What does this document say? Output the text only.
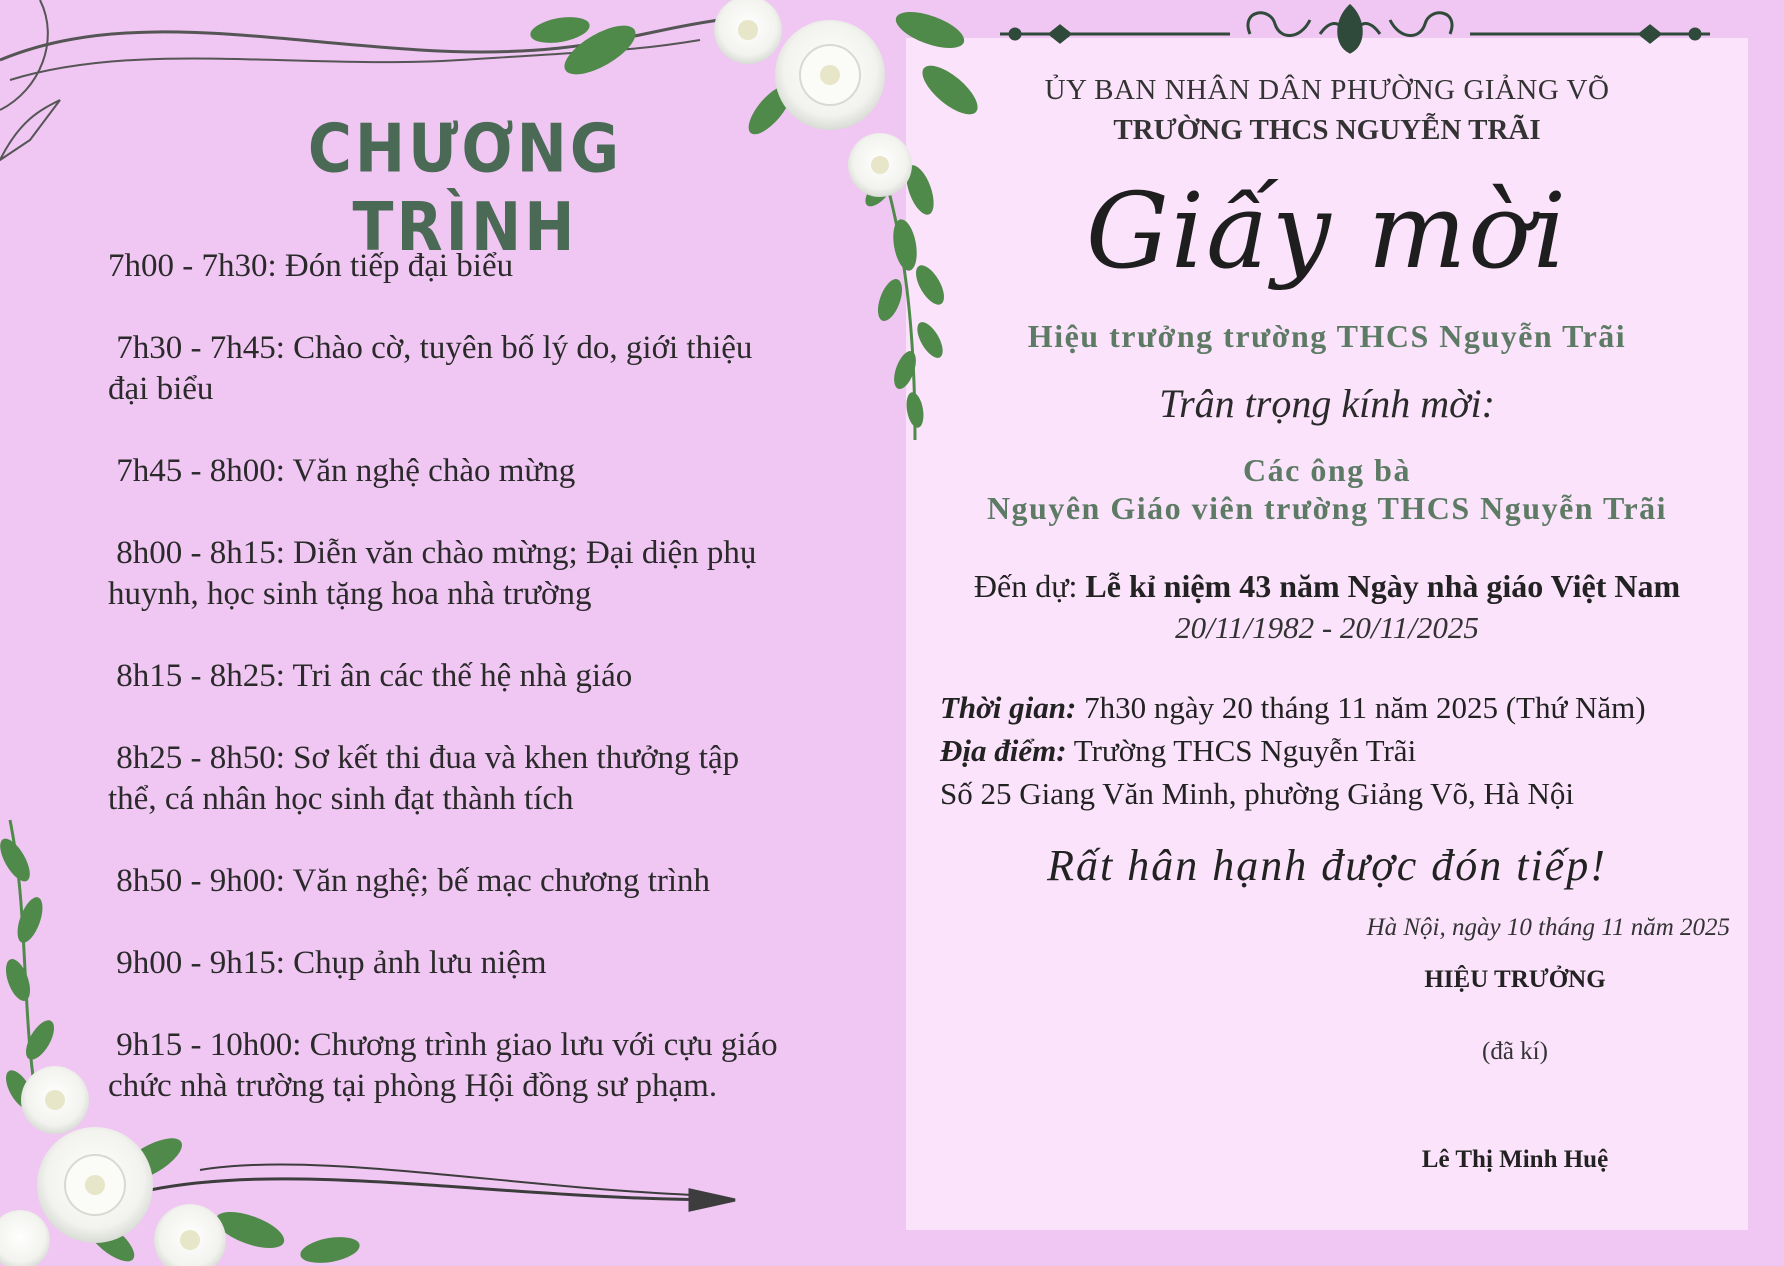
CHƯƠNG TRÌNH
7h00 - 7h30: Đón tiếp đại biểu
7h30 - 7h45: Chào cờ, tuyên bố lý do, giới thiệu
đại biểu
7h45 - 8h00: Văn nghệ chào mừng
8h00 - 8h15: Diễn văn chào mừng; Đại diện phụ
huynh, học sinh tặng hoa nhà trường
8h15 - 8h25: Tri ân các thế hệ nhà giáo
8h25 - 8h50: Sơ kết thi đua và khen thưởng tập
thể, cá nhân học sinh đạt thành tích
8h50 - 9h00: Văn nghệ; bế mạc chương trình
9h00 - 9h15: Chụp ảnh lưu niệm
9h15 - 10h00: Chương trình giao lưu với cựu giáo
chức nhà trường tại phòng Hội đồng sư phạm.
ỦY BAN NHÂN DÂN PHƯỜNG GIẢNG VÕ
TRƯỜNG THCS NGUYỄN TRÃI
Giấy mời
Hiệu trưởng trường THCS Nguyễn Trãi
Trân trọng kính mời:
Các ông bà
Nguyên Giáo viên trường THCS Nguyễn Trãi
Đến dự: Lễ kỉ niệm 43 năm Ngày nhà giáo Việt Nam
20/11/1982 - 20/11/2025
Thời gian: 7h30 ngày 20 tháng 11 năm 2025 (Thứ Năm)
Địa điểm: Trường THCS Nguyễn Trãi
Số 25 Giang Văn Minh, phường Giảng Võ, Hà Nội
Rất hân hạnh được đón tiếp!
Hà Nội, ngày 10 tháng 11 năm 2025
HIỆU TRƯỞNG
(đã kí)
Lê Thị Minh Huệ
